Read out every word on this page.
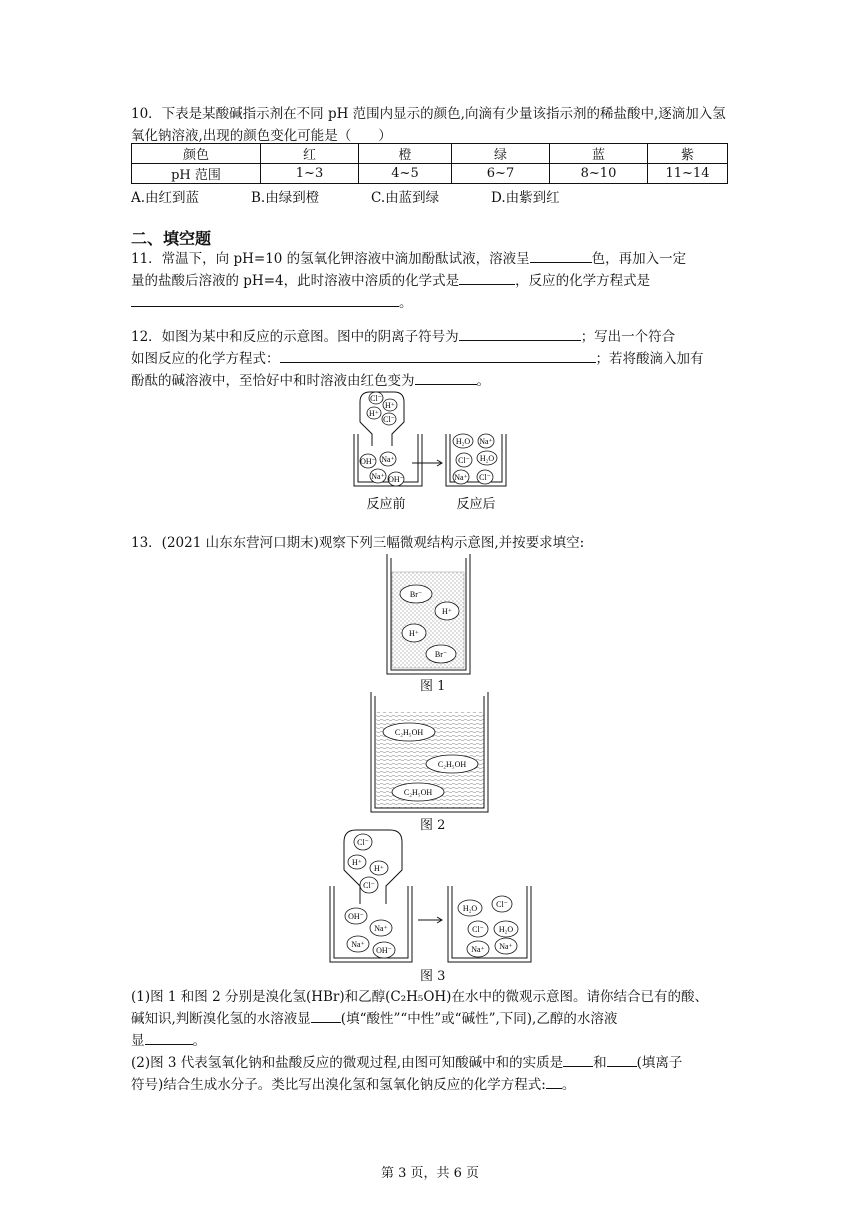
10．下表是某酸碱指示剂在不同 pH 范围内显示的颜色,向滴有少量该指示剂的稀盐酸中,逐滴加入氢氧化钠溶液,出现的颜色变化可能是（　　）
颜色	红	橙	绿	蓝	紫
pH 范围	1~3	4~5	6~7	8~10	11~14
A.由红到蓝	B.由绿到橙	C.由蓝到绿	D.由紫到红
二、填空题
11．常温下，向 pH=10 的氢氧化钾溶液中滴加酚酞试液，溶液呈	色，再加入一定
量的盐酸后溶液的 pH=4，此时溶液中溶质的化学式是	，反应的化学方程式是
。
12．如图为某中和反应的示意图。图中的阴离子符号为	；写出一个符合
如图反应的化学方程式：	；若将酸滴入加有
酚酞的碱溶液中，至恰好中和时溶液由红色变为	。
Cl⁻
H⁺
H⁺
Cl⁻
OH⁻ Na⁺
Na⁺ OH⁻
H₂O Na⁺
Cl⁻ H₂O
Na⁺ Cl⁻
反应前	反应后
13．(2021 山东东营河口期末)观察下列三幅微观结构示意图,并按要求填空:
Br⁻
H⁺
H⁺
Br⁻
图 1
C₂H₅OH
C₂H₅OH
C₂H₅OH
图 2
Cl⁻
H⁺
H⁺
Cl⁻
OH⁻
Na⁺
Na⁺
OH⁻
H₂O Cl⁻
Cl⁻ H₂O
Na⁺ Na⁺
图 3
(1)图 1 和图 2 分别是溴化氢(HBr)和乙醇(C₂H₅OH)在水中的微观示意图。请你结合已有的酸、
碱知识,判断溴化氢的水溶液显 (填“酸性”“中性”或“碱性”,下同),乙醇的水溶液
显	。
(2)图 3 代表氢氧化钠和盐酸反应的微观过程,由图可知酸碱中和的实质是 和 (填离子
符号)结合生成水分子。类比写出溴化氢和氢氧化钠反应的化学方程式: 。
第 3 页，共 6 页
